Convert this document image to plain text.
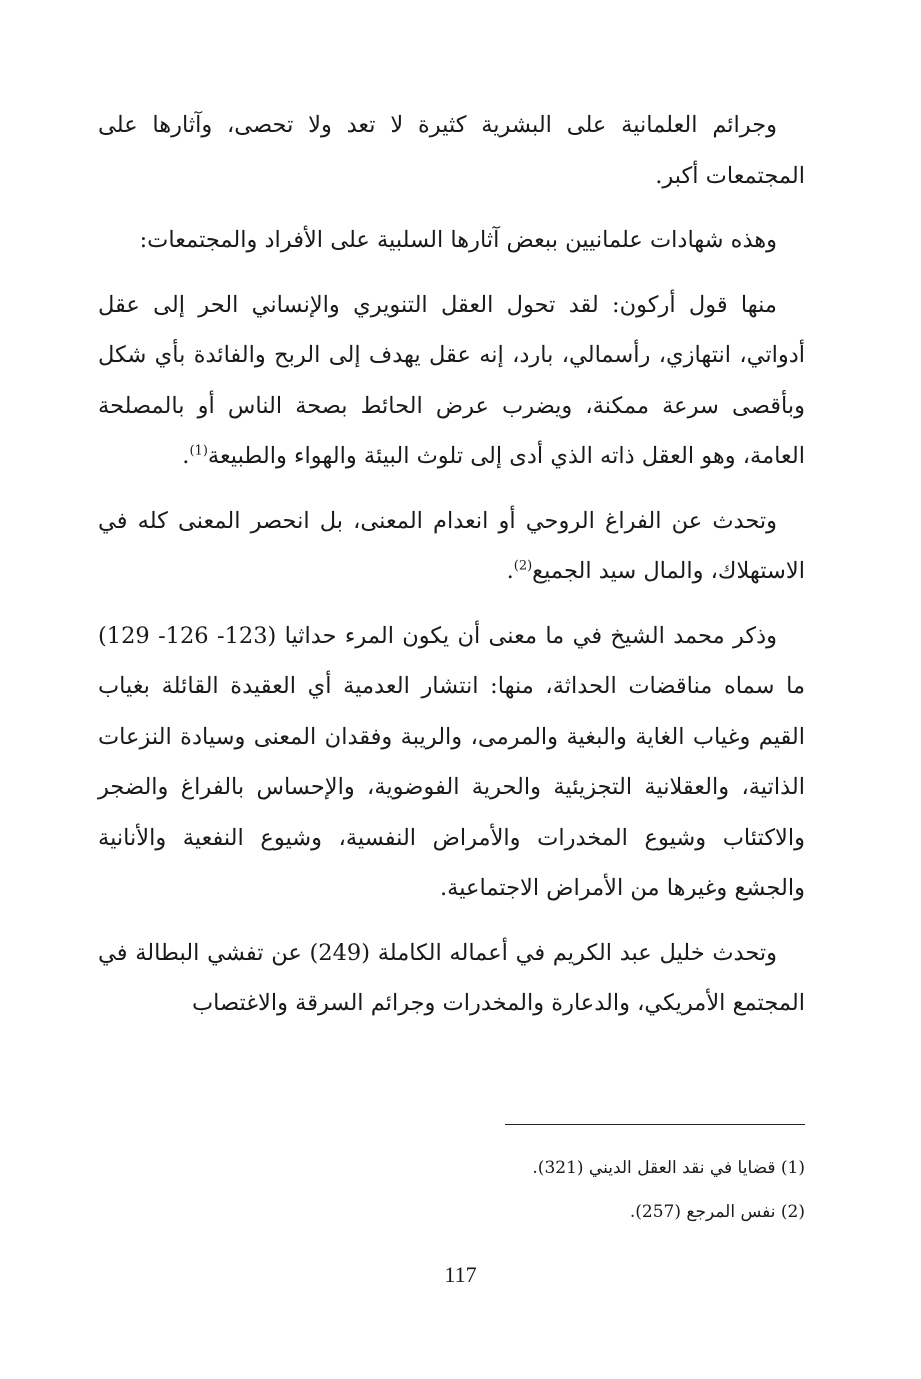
وجرائم العلمانية على البشرية كثيرة لا تعد ولا تحصى، وآثارها على المجتمعات أكبر.

وهذه شهادات علمانيين ببعض آثارها السلبية على الأفراد والمجتمعات:

منها قول أركون: لقد تحول العقل التنويري والإنساني الحر إلى عقل أدواتي، انتهازي، رأسمالي، بارد، إنه عقل يهدف إلى الربح والفائدة بأي شكل وبأقصى سرعة ممكنة، ويضرب عرض الحائط بصحة الناس أو بالمصلحة العامة، وهو العقل ذاته الذي أدى إلى تلوث البيئة والهواء والطبيعة$^{(1)}$.

وتحدث عن الفراغ الروحي أو انعدام المعنى، بل انحصر المعنى كله في الاستهلاك، والمال سيد الجميع$^{(2)}$.

وذكر محمد الشيخ في ما معنى أن يكون المرء حداثيا (123- 126- 129) ما سماه مناقضات الحداثة، منها: انتشار العدمية أي العقيدة القائلة بغياب القيم وغياب الغاية والبغية والمرمى، والريبة وفقدان المعنى وسيادة النزعات الذاتية، والعقلانية التجزيئية والحرية الفوضوية، والإحساس بالفراغ والضجر والاكتئاب وشيوع المخدرات والأمراض النفسية، وشيوع النفعية والأنانية والجشع وغيرها من الأمراض الاجتماعية.

وتحدث خليل عبد الكريم في أعماله الكاملة (249) عن تفشي البطالة في المجتمع الأمريكي، والدعارة والمخدرات وجرائم السرقة والاغتصاب

(1) قضايا في نقد العقل الديني (321).

(2) نفس المرجع (257).

117
